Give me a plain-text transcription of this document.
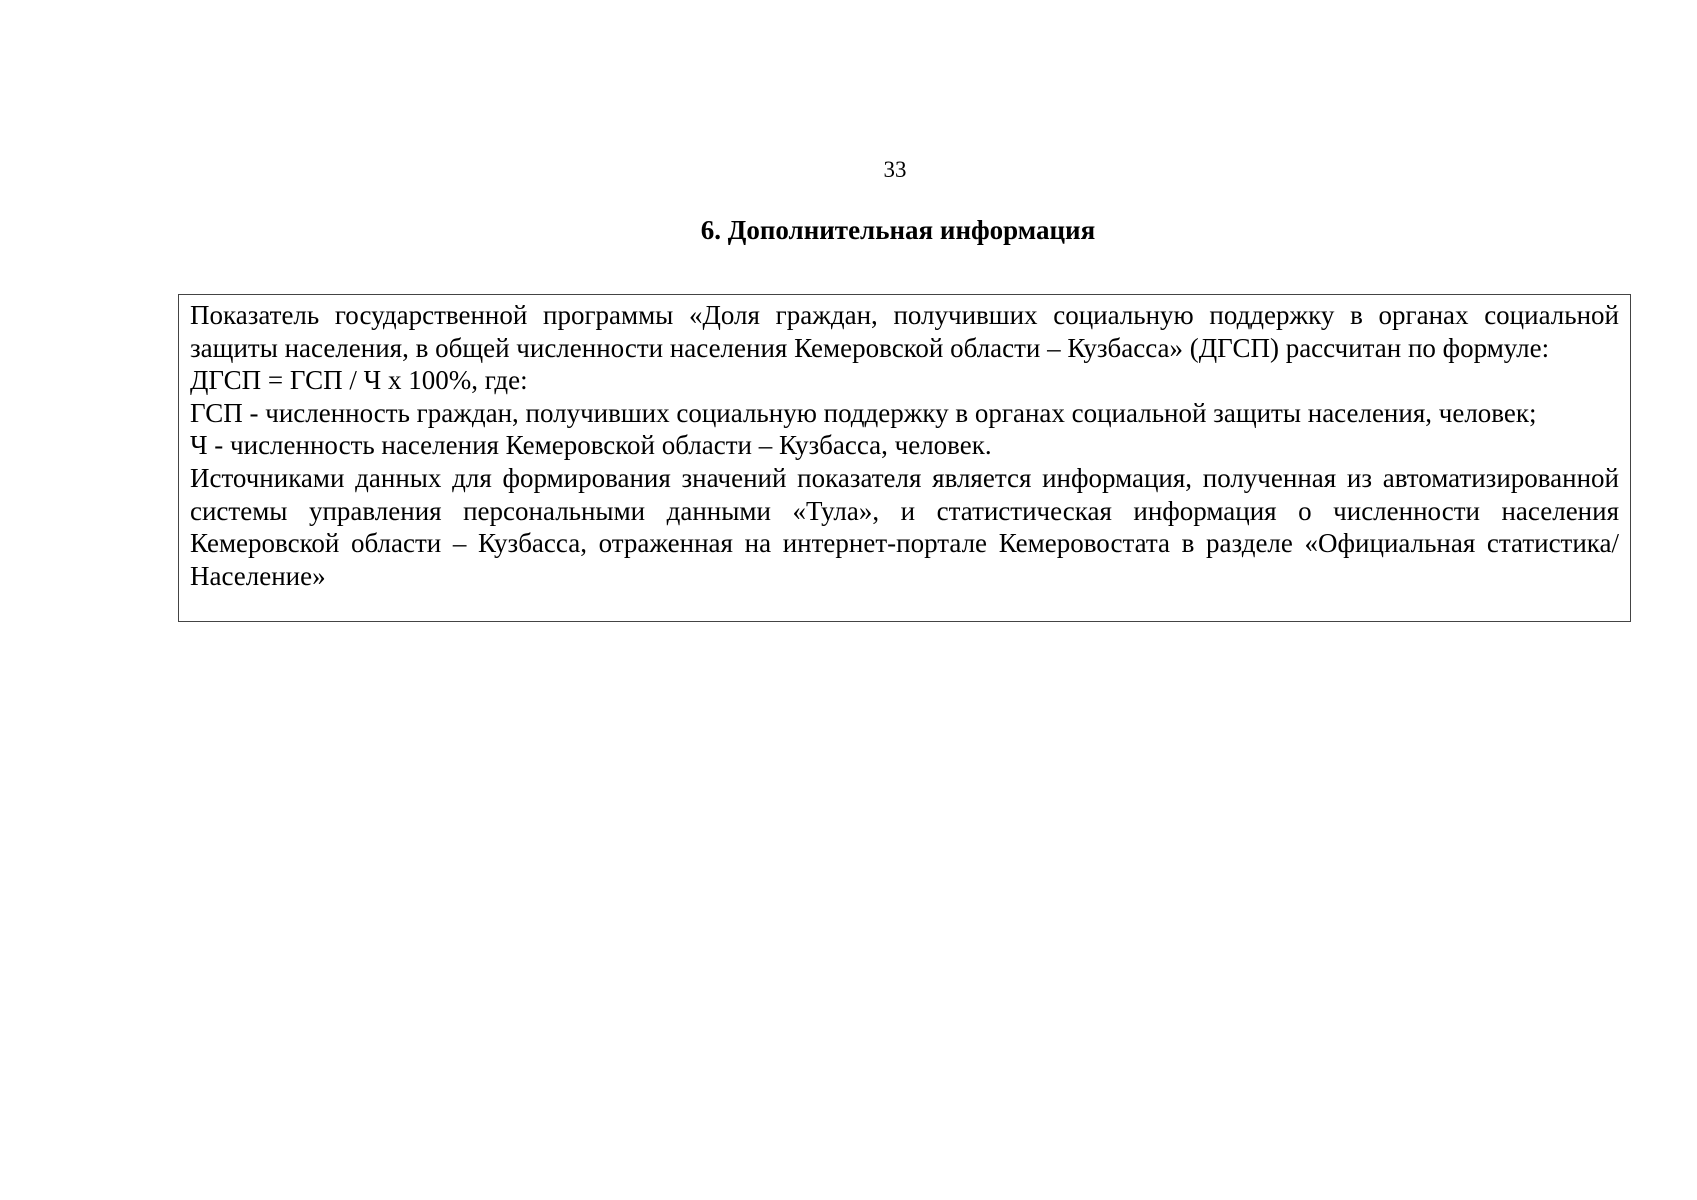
33
6. Дополнительная информация

Показатель государственной программы «Доля граждан, получивших социальную поддержку в органах социальной защиты населения, в общей численности населения Кемеровской области – Кузбасса» (ДГСП) рассчитан по формуле:

ДГСП = ГСП / Ч х 100%, где:

ГСП - численность граждан, получивших социальную поддержку в органах социальной защиты населения, человек;

Ч - численность населения Кемеровской области – Кузбасса, человек.

Источниками данных для формирования значений показателя является информация, полученная из автоматизированной системы управления персональными данными «Тула», и статистическая информация о численности населения Кемеровской области – Кузбасса, отраженная на интернет-портале Кемеровостата в разделе «Официальная статистика/Население»
